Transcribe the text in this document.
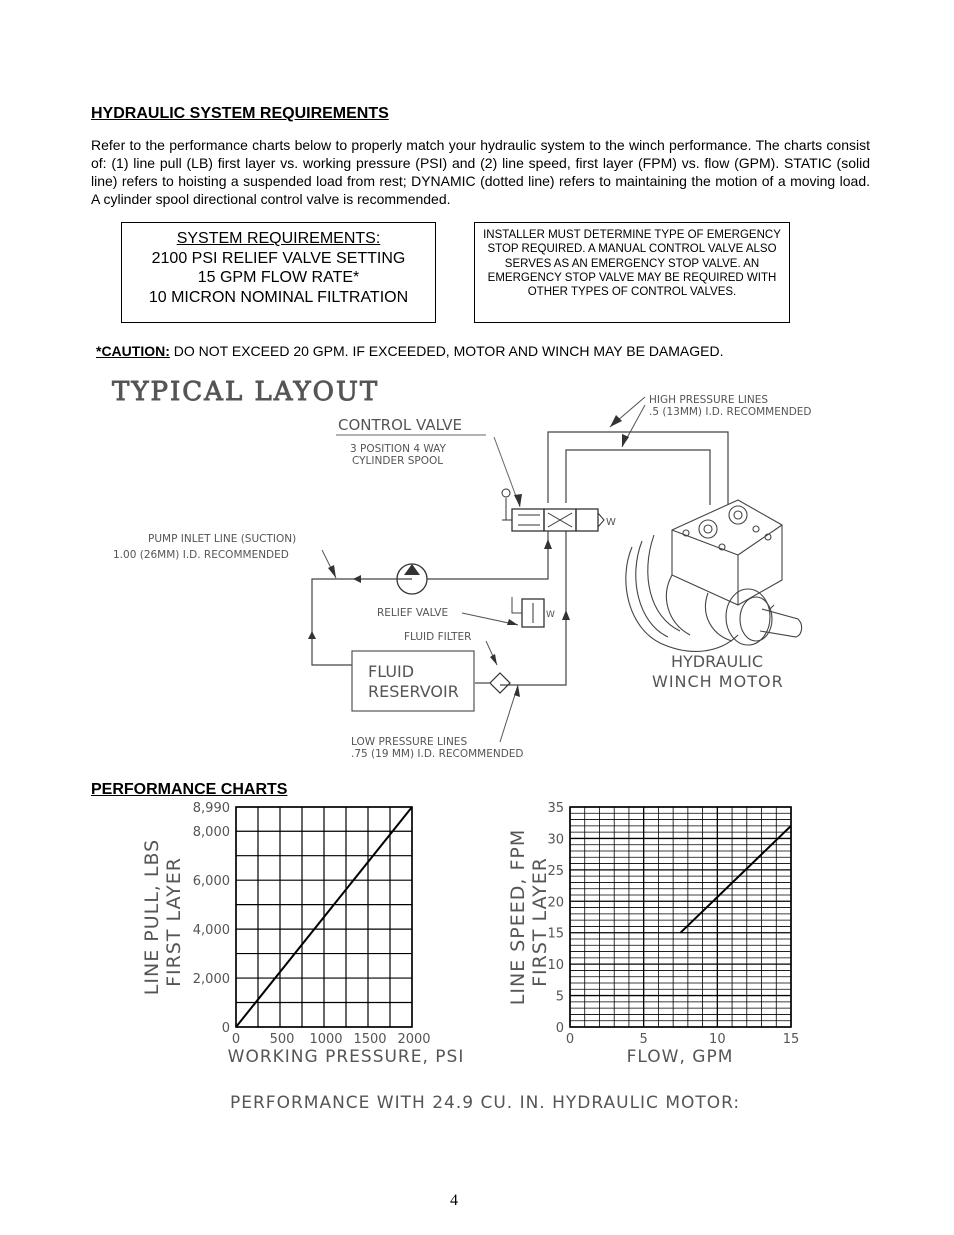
HYDRAULIC SYSTEM REQUIREMENTS
Refer to the performance charts below to properly match your hydraulic system to the winch performance. The charts consist of: (1) line pull (LB) first layer vs. working pressure (PSI) and (2) line speed, first layer (FPM) vs. flow (GPM). STATIC (solid line) refers to hoisting a suspended load from rest; DYNAMIC (dotted line) refers to maintaining the motion of a moving load. A cylinder spool directional control valve is recommended.
SYSTEM REQUIREMENTS:
2100 PSI RELIEF VALVE SETTING
15 GPM FLOW RATE*
10 MICRON NOMINAL FILTRATION
INSTALLER MUST DETERMINE TYPE OF EMERGENCY STOP REQUIRED. A MANUAL CONTROL VALVE ALSO SERVES AS AN EMERGENCY STOP VALVE. AN EMERGENCY STOP VALVE MAY BE REQUIRED WITH OTHER TYPES OF CONTROL VALVES.
*CAUTION: DO NOT EXCEED 20 GPM. IF EXCEEDED, MOTOR AND WINCH MAY BE DAMAGED.
TYPICAL LAYOUT
CONTROL VALVE
3 POSITION 4 WAY
CYLINDER SPOOL
HIGH PRESSURE LINES
.5 (13MM) I.D. RECOMMENDED
W
PUMP INLET LINE (SUCTION)
1.00 (26MM) I.D. RECOMMENDED
W
RELIEF VALVE
FLUID FILTER
FLUID
RESERVOIR
LOW PRESSURE LINES
.75 (19 MM) I.D. RECOMMENDED
HYDRAULIC
WINCH MOTOR
PERFORMANCE CHARTS
0
2,000
4,000
6,000
8,000
8,990
0 500 1000 1500 2000
WORKING PRESSURE, PSI
LINE PULL, LBS FIRST LAYER
0
5
10
15
20
25
30
35
0	5	10	15
FLOW, GPM
LINE SPEED, FPM FIRST LAYER
PERFORMANCE WITH 24.9 CU. IN. HYDRAULIC MOTOR:
4
